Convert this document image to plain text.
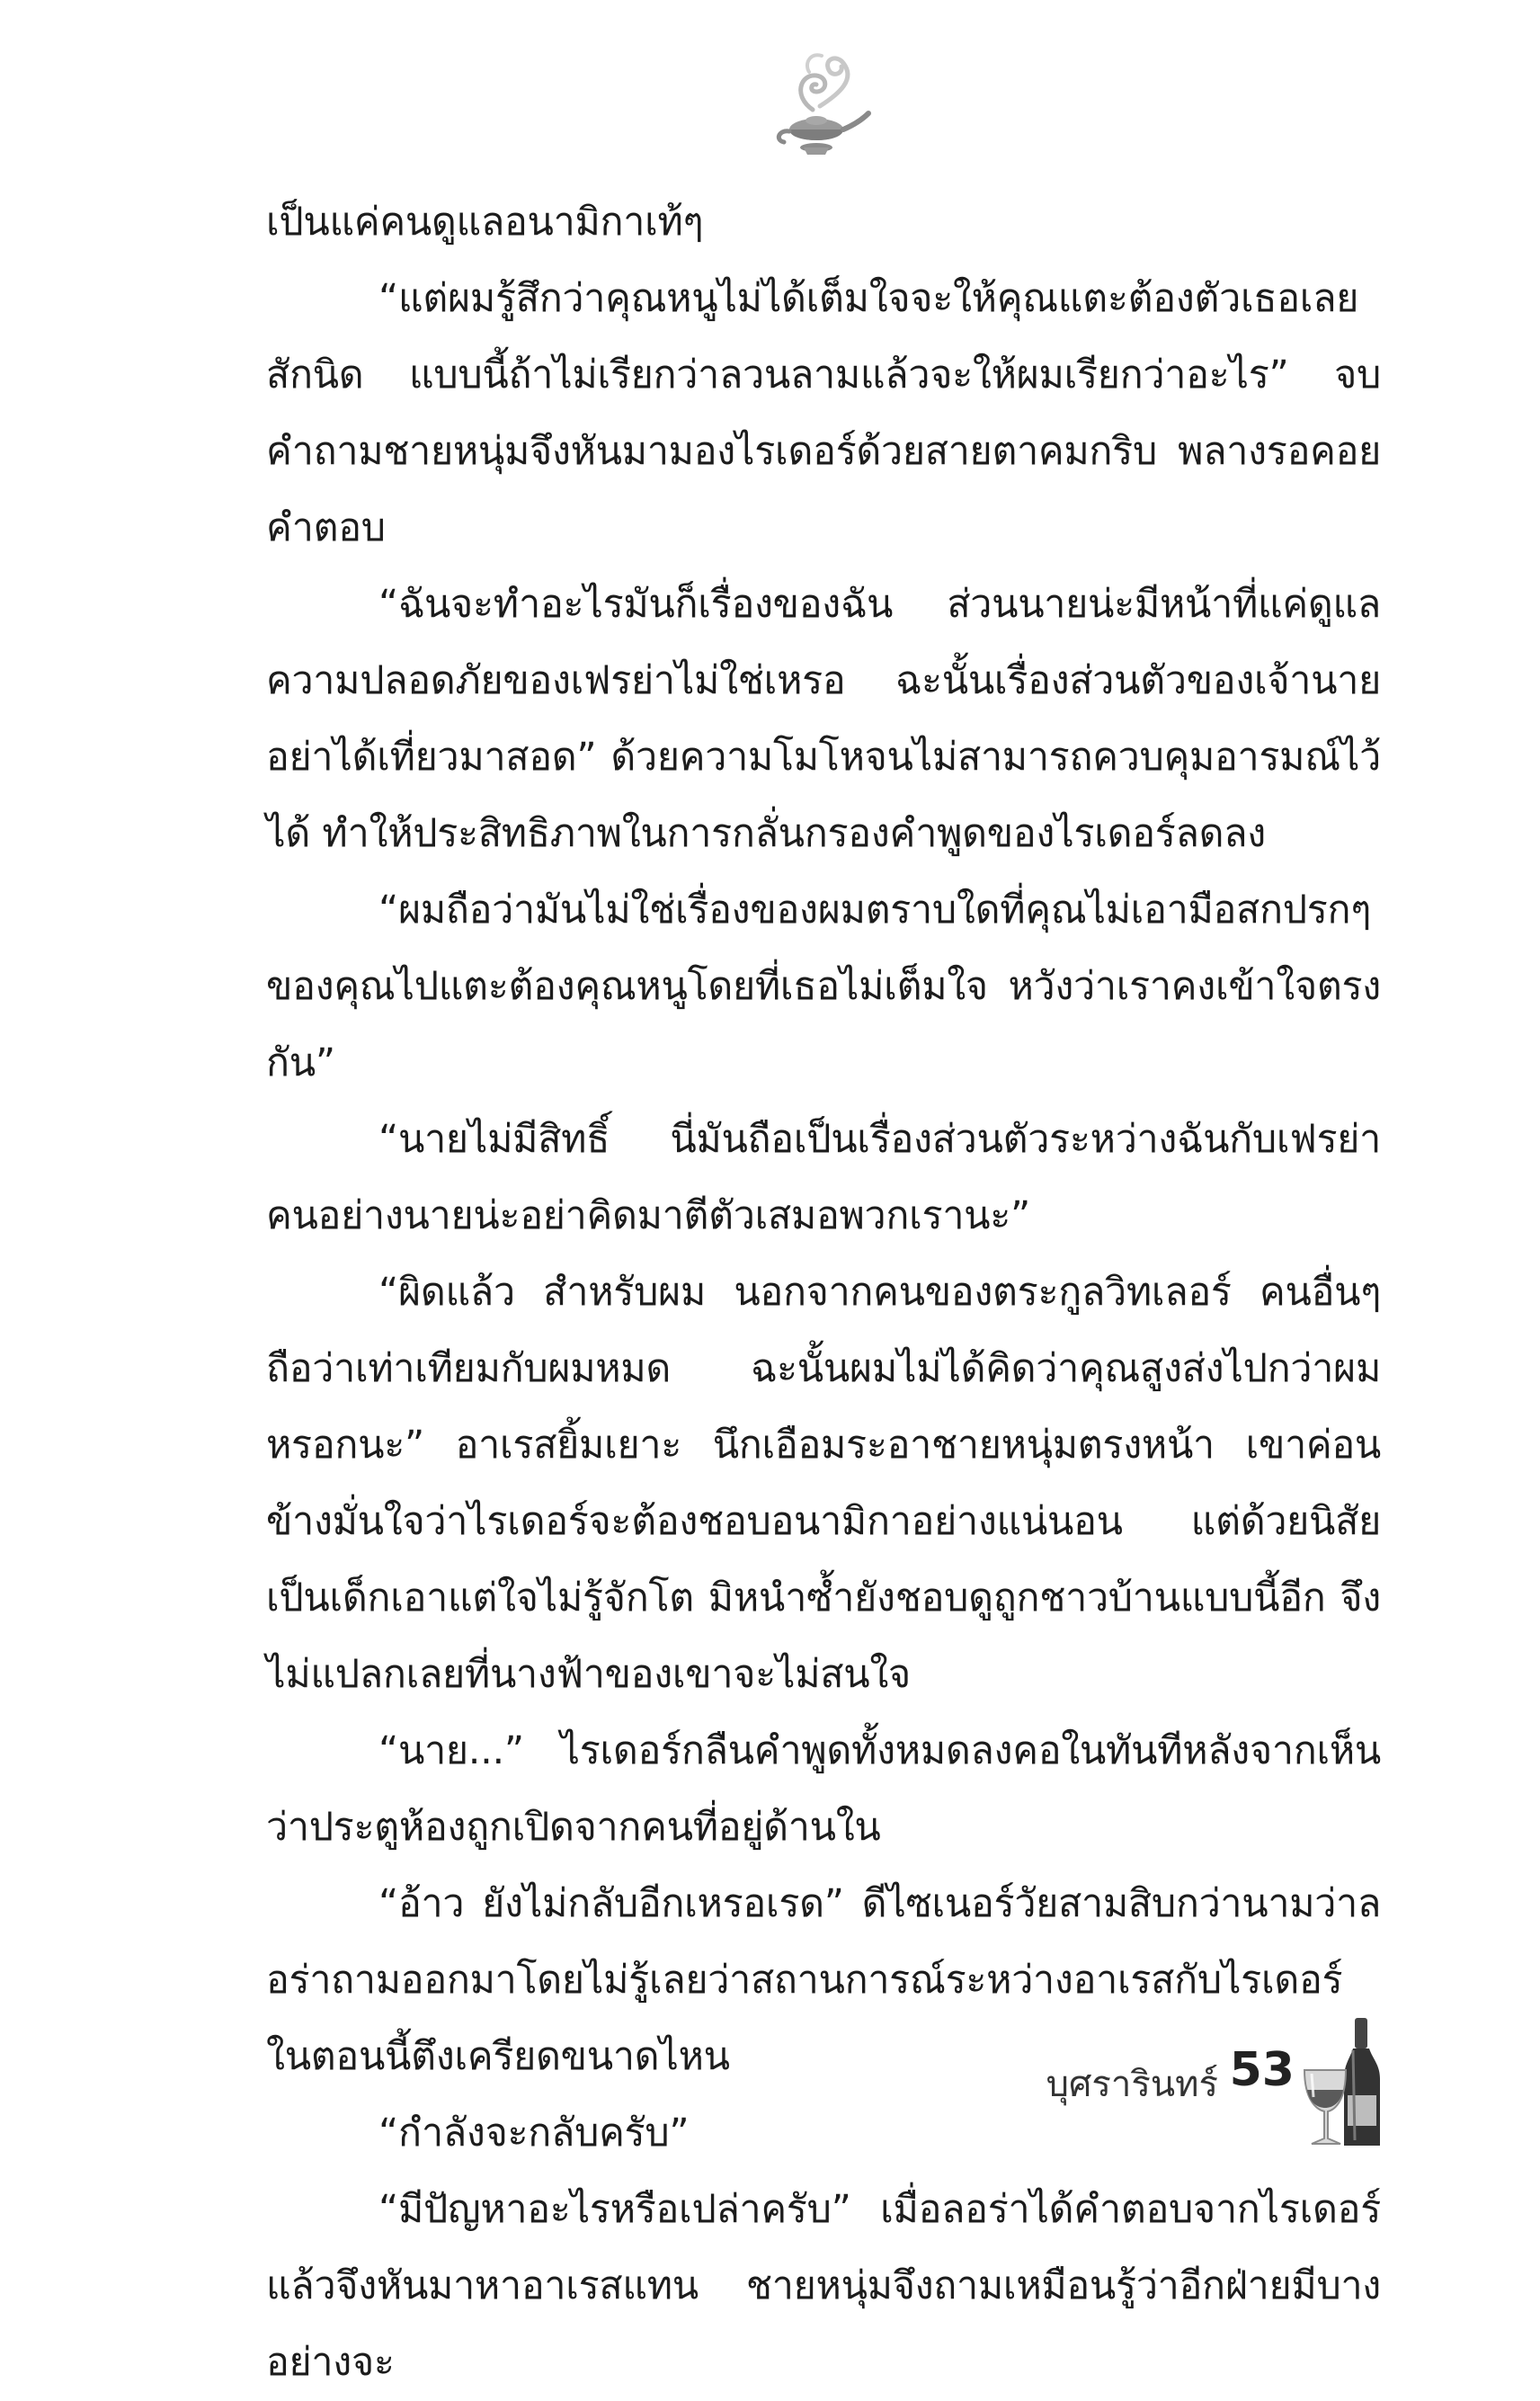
เป็นแค่คนดูแลอนามิกาเท้ๆ

“แต่ผมรู้สึกว่าคุณหนูไม่ได้เต็มใจจะให้คุณแตะต้องตัวเธอเลยสักนิด แบบนี้ถ้าไม่เรียกว่าลวนลามแล้วจะให้ผมเรียกว่าอะไร” จบคำถามชายหนุ่มจึงหันมามองไรเดอร์ด้วยสายตาคมกริบ พลางรอคอยคำตอบ

“ฉันจะทำอะไรมันก็เรื่องของฉัน ส่วนนายน่ะมีหน้าที่แค่ดูแลความปลอดภัยของเฟรย่าไม่ใช่เหรอ ฉะนั้นเรื่องส่วนตัวของเจ้านายอย่าได้เที่ยวมาสอด” ด้วยความโมโหจนไม่สามารถควบคุมอารมณ์ไว้ได้ ทำให้ประสิทธิภาพในการกลั่นกรองคำพูดของไรเดอร์ลดลง

“ผมถือว่ามันไม่ใช่เรื่องของผมตราบใดที่คุณไม่เอามือสกปรกๆของคุณไปแตะต้องคุณหนูโดยที่เธอไม่เต็มใจ หวังว่าเราคงเข้าใจตรงกัน”

“นายไม่มีสิทธิ์ นี่มันถือเป็นเรื่องส่วนตัวระหว่างฉันกับเฟรย่าคนอย่างนายน่ะอย่าคิดมาตีตัวเสมอพวกเรานะ”

“ผิดแล้ว สำหรับผม นอกจากคนของตระกูลวิทเลอร์ คนอื่นๆถือว่าเท่าเทียมกับผมหมด ฉะนั้นผมไม่ได้คิดว่าคุณสูงส่งไปกว่าผมหรอกนะ” อาเรสยิ้มเยาะ นึกเอือมระอาชายหนุ่มตรงหน้า เขาค่อนข้างมั่นใจว่าไรเดอร์จะต้องชอบอนามิกาอย่างแน่นอน แต่ด้วยนิสัยเป็นเด็กเอาแต่ใจไม่รู้จักโต มิหนำซ้ำยังชอบดูถูกชาวบ้านแบบนี้อีก จึงไม่แปลกเลยที่นางฟ้าของเขาจะไม่สนใจ

“นาย...” ไรเดอร์กลืนคำพูดทั้งหมดลงคอในทันทีหลังจากเห็นว่าประตูห้องถูกเปิดจากคนที่อยู่ด้านใน

“อ้าว ยังไม่กลับอีกเหรอเรด” ดีไซเนอร์วัยสามสิบกว่านามว่าลอร่าถามออกมาโดยไม่รู้เลยว่าสถานการณ์ระหว่างอาเรสกับไรเดอร์ในตอนนี้ตึงเครียดขนาดไหน

“กำลังจะกลับครับ”

“มีปัญหาอะไรหรือเปล่าครับ” เมื่อลอร่าได้คำตอบจากไรเดอร์แล้วจึงหันมาหาอาเรสแทน ชายหนุ่มจึงถามเหมือนรู้ว่าอีกฝ่ายมีบางอย่างจะ

บุศรารินทร์ 53
